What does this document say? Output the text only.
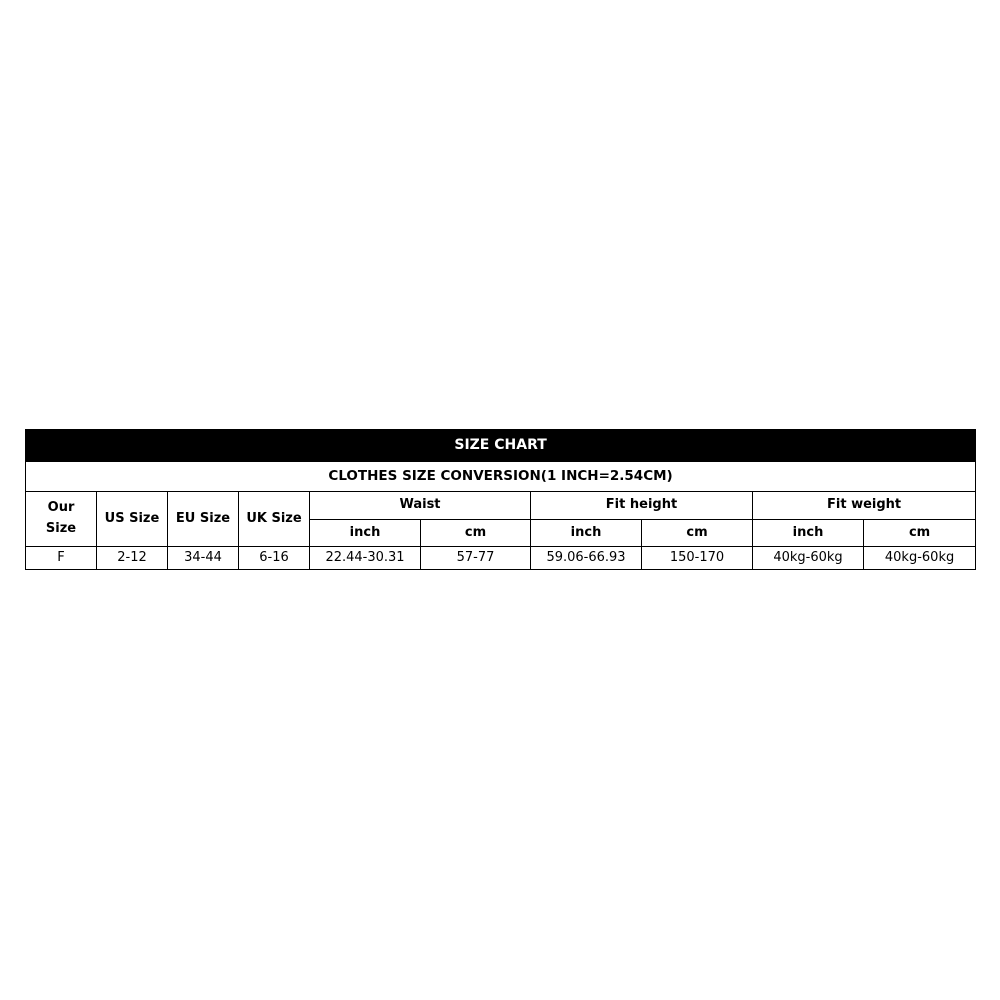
SIZE CHART									
CLOTHES SIZE CONVERSION(1 INCH=2.54CM)									
Our
Size	US Size	EU Size	UK Size	Waist		Fit height		Fit weight	
				inch	cm	inch	cm	inch	cm
F	2-12	34-44	6-16	22.44-30.31	57-77	59.06-66.93	150-170	40kg-60kg	40kg-60kg
